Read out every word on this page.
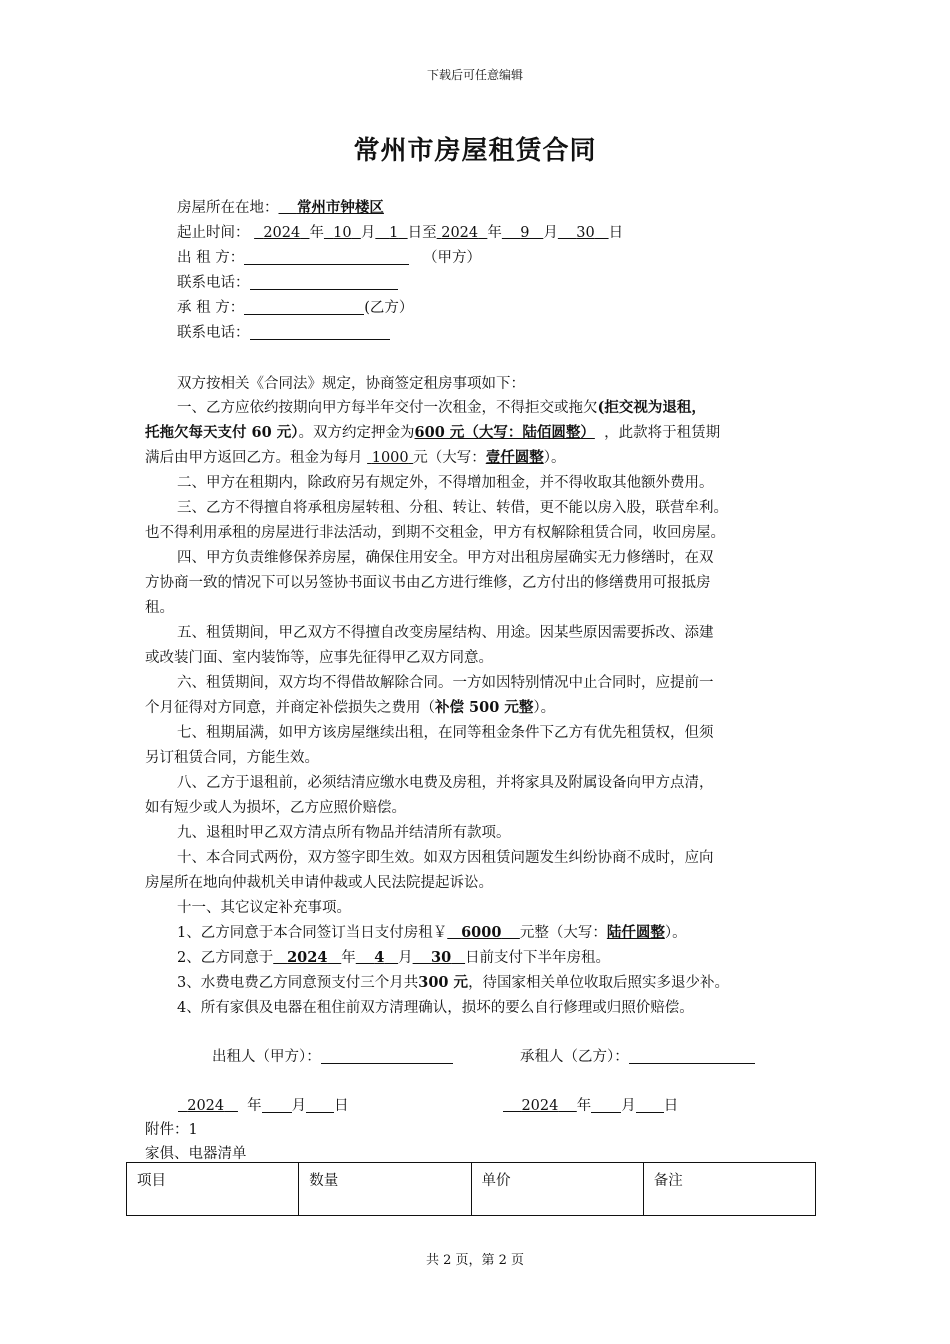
下载后可任意编辑
常州市房屋租赁合同
房屋所在在地： 常州市钟楼区
起止时间： 2024 年 10 月 1 日至 2024 年 9 月 30 日
出 租 方：	（甲方）
联系电话：
承 租 方：	(乙方）
联系电话：
双方按相关《合同法》规定，协商签定租房事项如下：
一、乙方应依约按期向甲方每半年交付一次租金，不得拒交或拖欠(拒交视为退租，
托拖欠每天支付 60 元）。双方约定押金为600 元（大写：陆佰圆整） ，此款将于租赁期
满后由甲方返回乙方。租金为每月 1000 元（大写：壹仟圆整）。
二、甲方在租期内，除政府另有规定外，不得增加租金，并不得收取其他额外费用。
三、乙方不得擅自将承租房屋转租、分租、转让、转借，更不能以房入股，联营牟利。
也不得利用承租的房屋进行非法活动，到期不交租金，甲方有权解除租赁合同，收回房屋。
四、甲方负责维修保养房屋，确保住用安全。甲方对出租房屋确实无力修缮时，在双
方协商一致的情况下可以另签协书面议书由乙方进行维修，乙方付出的修缮费用可报抵房
租。
五、租赁期间，甲乙双方不得擅自改变房屋结构、用途。因某些原因需要拆改、添建
或改装门面、室内装饰等，应事先征得甲乙双方同意。
六、租赁期间，双方均不得借故解除合同。一方如因特别情况中止合同时，应提前一
个月征得对方同意，并商定补偿损失之费用（补偿 500 元整）。
七、租期届满，如甲方该房屋继续出租，在同等租金条件下乙方有优先租赁权，但须
另订租赁合同，方能生效。
八、乙方于退租前，必须结清应缴水电费及房租，并将家具及附属设备向甲方点清，
如有短少或人为损坏，乙方应照价赔偿。
九、退租时甲乙双方清点所有物品并结清所有款项。
十、本合同式两份，双方签字即生效。如双方因租赁问题发生纠纷协商不成时，应向
房屋所在地向仲裁机关申请仲裁或人民法院提起诉讼。
十一、其它议定补充事项。
1、乙方同意于本合同签订当日支付房租￥ 6000 元整（大写：陆仟圆整）。
2、乙方同意于 2024 年 4 月 30 日前支付下半年房租。
3、水费电费乙方同意预支付三个月共300 元，待国家相关单位收取后照实多退少补。
4、所有家俱及电器在租住前双方清理确认，损坏的要么自行修理或归照价赔偿。
出租人（甲方）：	承租人（乙方）：
2024 年 月 日	2024 年 月 日
附件：1
家俱、电器清单
项目	数量	单价	备注
共 2 页，第 2 页
